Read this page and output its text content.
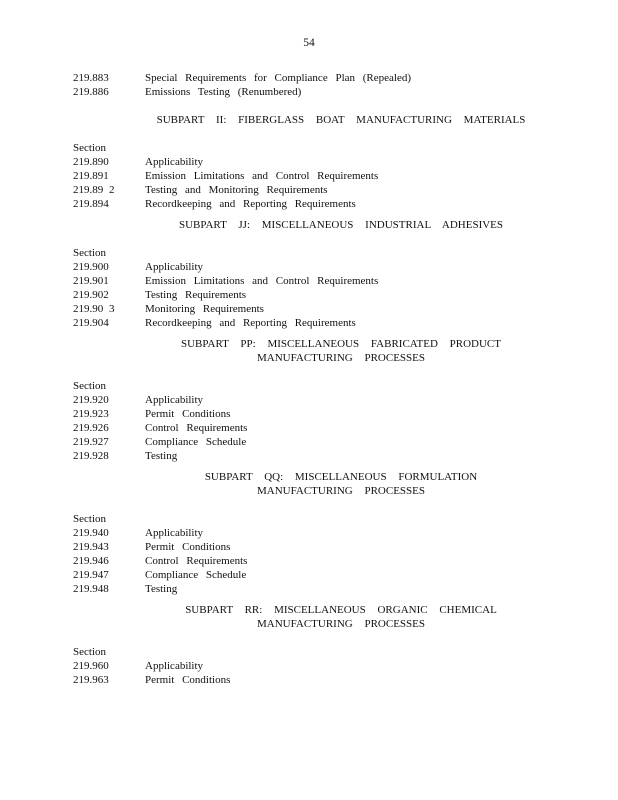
54
219.883	Special Requirements for Compliance Plan (Repealed)
219.886	Emissions Testing (Renumbered)
SUBPART II: FIBERGLASS BOAT MANUFACTURING MATERIALS
Section
219.890	Applicability
219.891	Emission Limitations and Control Requirements
219.89 2	Testing and Monitoring Requirements
219.894	Recordkeeping and Reporting Requirements
SUBPART JJ: MISCELLANEOUS INDUSTRIAL ADHESIVES
Section
219.900	Applicability
219.901	Emission Limitations and Control Requirements
219.902	Testing Requirements
219.90 3	Monitoring Requirements
219.904	Recordkeeping and Reporting Requirements
SUBPART PP: MISCELLANEOUS FABRICATED PRODUCT
MANUFACTURING PROCESSES
Section
219.920	Applicability
219.923	Permit Conditions
219.926	Control Requirements
219.927	Compliance Schedule
219.928	Testing
SUBPART QQ: MISCELLANEOUS FORMULATION
MANUFACTURING PROCESSES
Section
219.940	Applicability
219.943	Permit Conditions
219.946	Control Requirements
219.947	Compliance Schedule
219.948	Testing
SUBPART RR: MISCELLANEOUS ORGANIC CHEMICAL
MANUFACTURING PROCESSES
Section
219.960	Applicability
219.963	Permit Conditions
